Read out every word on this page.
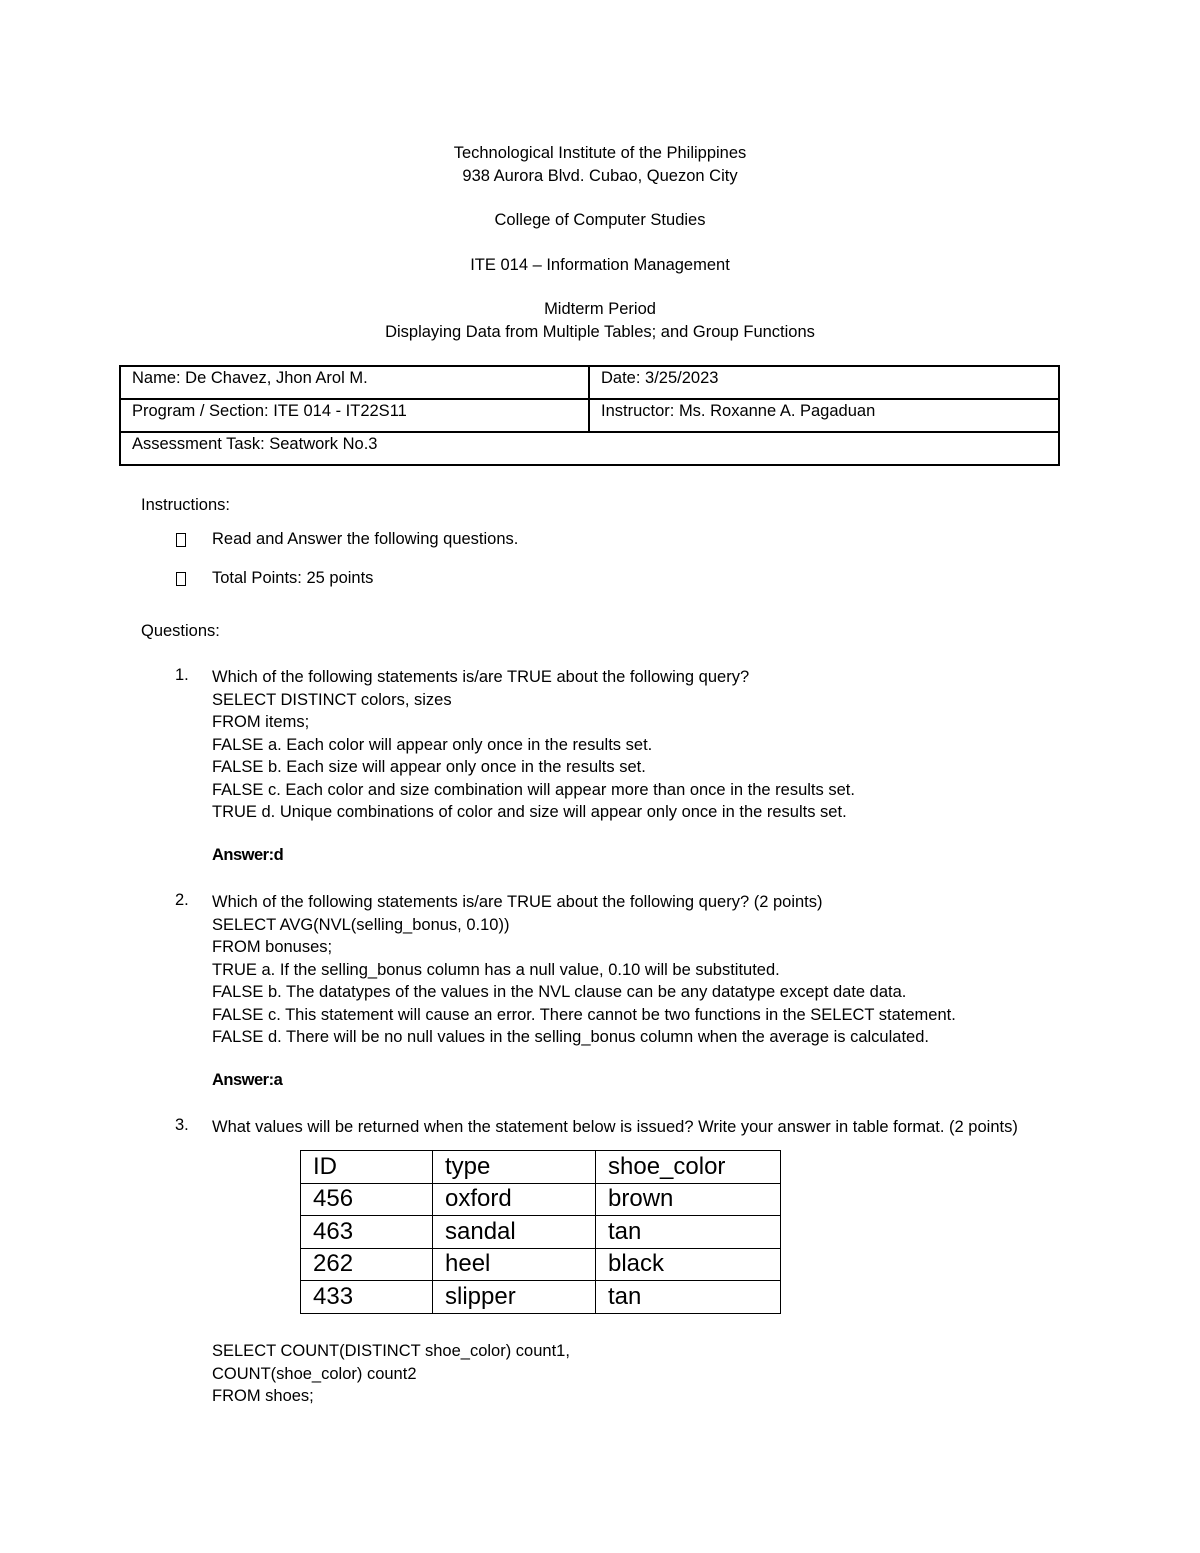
Technological Institute of the Philippines
938 Aurora Blvd. Cubao, Quezon City
College of Computer Studies
ITE 014 – Information Management
Midterm Period
Displaying Data from Multiple Tables; and Group Functions
Name: De Chavez, Jhon Arol M.	Date: 3/25/2023
Program / Section: ITE 014 - IT22S11	Instructor: Ms. Roxanne A. Pagaduan
Assessment Task: Seatwork No.3	
Instructions:
Read and Answer the following questions.
Total Points: 25 points
Questions:
1. Which of the following statements is/are TRUE about the following query?
SELECT DISTINCT colors, sizes
FROM items;
FALSE a. Each color will appear only once in the results set.
FALSE b. Each size will appear only once in the results set.
FALSE c. Each color and size combination will appear more than once in the results set.
TRUE d. Unique combinations of color and size will appear only once in the results set.
Answer:d
2. Which of the following statements is/are TRUE about the following query? (2 points)
SELECT AVG(NVL(selling_bonus, 0.10))
FROM bonuses;
TRUE a. If the selling_bonus column has a null value, 0.10 will be substituted.
FALSE b. The datatypes of the values in the NVL clause can be any datatype except date data.
FALSE c. This statement will cause an error. There cannot be two functions in the SELECT statement.
FALSE d. There will be no null values in the selling_bonus column when the average is calculated.
Answer:a
3. What values will be returned when the statement below is issued? Write your answer in table format. (2 points)
ID	type	shoe_color
456	oxford	brown
463	sandal	tan
262	heel	black
433	slipper	tan
SELECT COUNT(DISTINCT shoe_color) count1,
COUNT(shoe_color) count2
FROM shoes;
